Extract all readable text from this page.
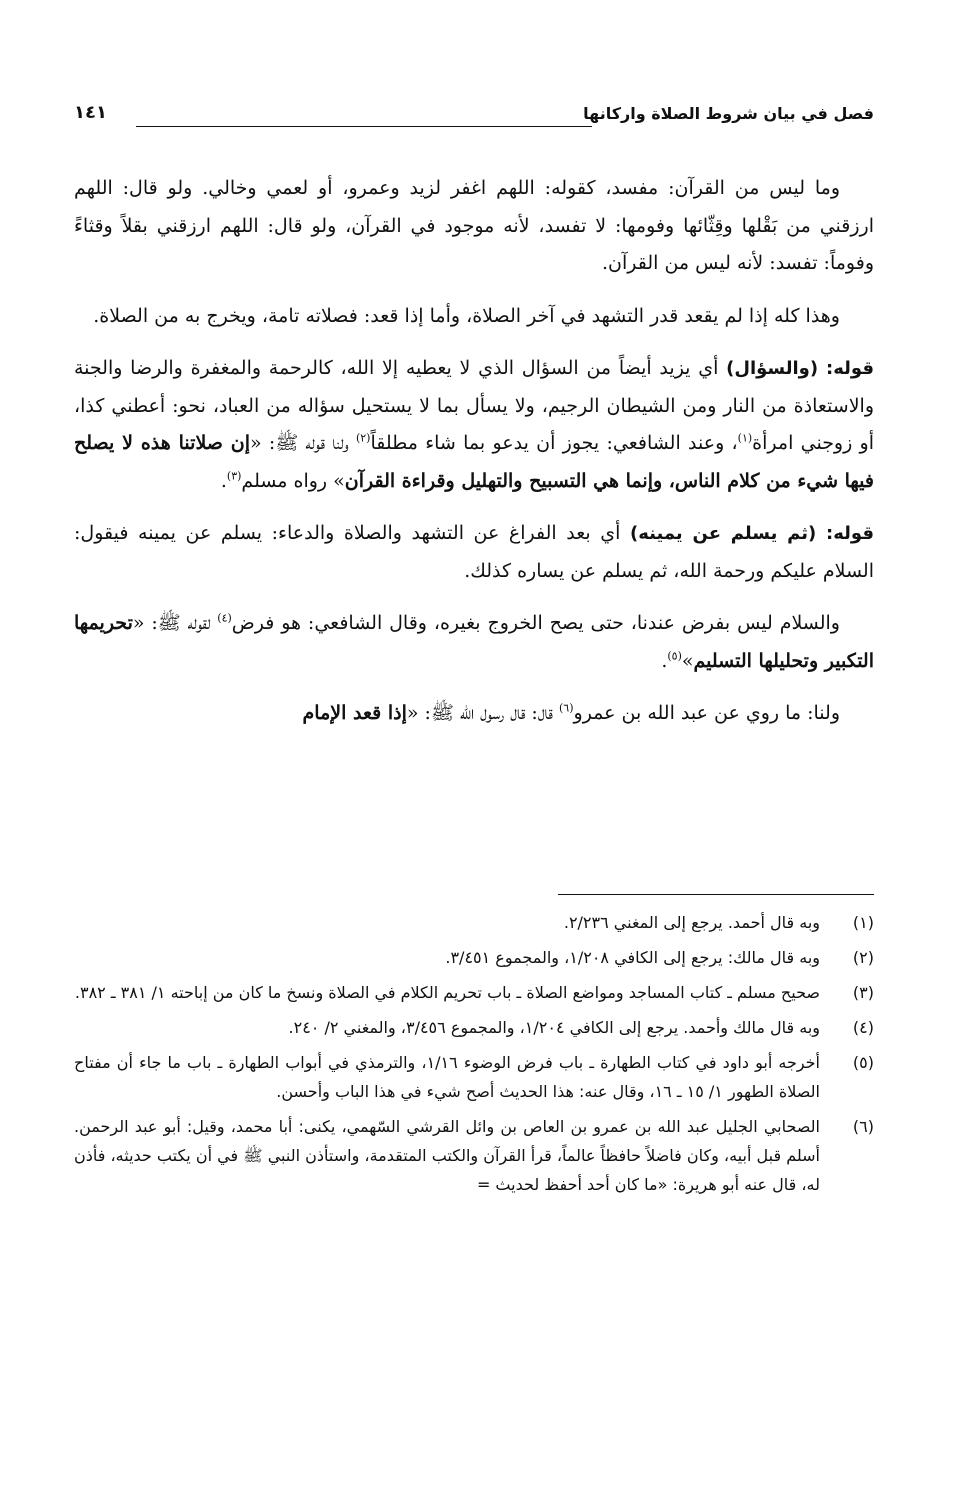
فصل في بيان شروط الصلاة واركانها
١٤١

وما ليس من القرآن: مفسد، كقوله: اللهم اغفر لزيد وعمرو، أو لعمي وخالي. ولو قال: اللهم ارزقني من بَقْلها وقِثّائها وفومها: لا تفسد، لأنه موجود في القرآن، ولو قال: اللهم ارزقني بقلاً وقثاءً وفوماً: تفسد: لأنه ليس من القرآن.

وهذا كله إذا لم يقعد قدر التشهد في آخر الصلاة، وأما إذا قعد: فصلاته تامة، ويخرج به من الصلاة.

قوله: (والسؤال) أي يزيد أيضاً من السؤال الذي لا يعطيه إلا الله، كالرحمة والمغفرة والرضا والجنة والاستعاذة من النار ومن الشيطان الرجيم، ولا يسأل بما لا يستحيل سؤاله من العباد، نحو: أعطني كذا، أو زوجني امرأة$^{(١)}$، وعند الشافعي: يجوز أن يدعو بما شاء مطلقاً$^{(٢)}$ ولنا قوله ﷺ: «إن صلاتنا هذه لا يصلح فيها شيء من كلام الناس، وإنما هي التسبيح والتهليل وقراءة القرآن» رواه مسلم$^{(٣)}$.

قوله: (ثم يسلم عن يمينه) أي بعد الفراغ عن التشهد والصلاة والدعاء: يسلم عن يمينه فيقول: السلام عليكم ورحمة الله، ثم يسلم عن يساره كذلك.

والسلام ليس بفرض عندنا، حتى يصح الخروج بغيره، وقال الشافعي: هو فرض$^{(٤)}$ لقوله ﷺ: «تحريمها التكبير وتحليلها التسليم»$^{(٥)}$.

ولنا: ما روي عن عبد الله بن عمرو$^{(٦)}$ قال: قال رسول الله ﷺ: «إذا قعد الإمام

(١)
وبه قال أحمد. يرجع إلى المغني ٢/٢٣٦.
(٢)
وبه قال مالك: يرجع إلى الكافي ١/٢٠٨، والمجموع ٣/٤٥١.
(٣)
صحيح مسلم ـ كتاب المساجد ومواضع الصلاة ـ باب تحريم الكلام في الصلاة ونسخ ما كان من إباحته ١/ ٣٨١ ـ ٣٨٢.
(٤)
وبه قال مالك وأحمد. يرجع إلى الكافي ١/٢٠٤، والمجموع ٣/٤٥٦، والمغني ٢/ ٢٤٠.
(٥)
أخرجه أبو داود في كتاب الطهارة ـ باب فرض الوضوء ١/١٦، والترمذي في أبواب الطهارة ـ باب ما جاء أن مفتاح الصلاة الطهور ١/ ١٥ ـ ١٦، وقال عنه: هذا الحديث أصح شيء في هذا الباب وأحسن.
(٦)
الصحابي الجليل عبد الله بن عمرو بن العاص بن وائل القرشي السّهمي، يكنى: أبا محمد، وقيل: أبو عبد الرحمن. أسلم قبل أبيه، وكان فاضلاً حافظاً عالماً، قرأ القرآن والكتب المتقدمة، واستأذن النبي ﷺ في أن يكتب حديثه، فأذن له، قال عنه أبو هريرة: «ما كان أحد أحفظ لحديث =
